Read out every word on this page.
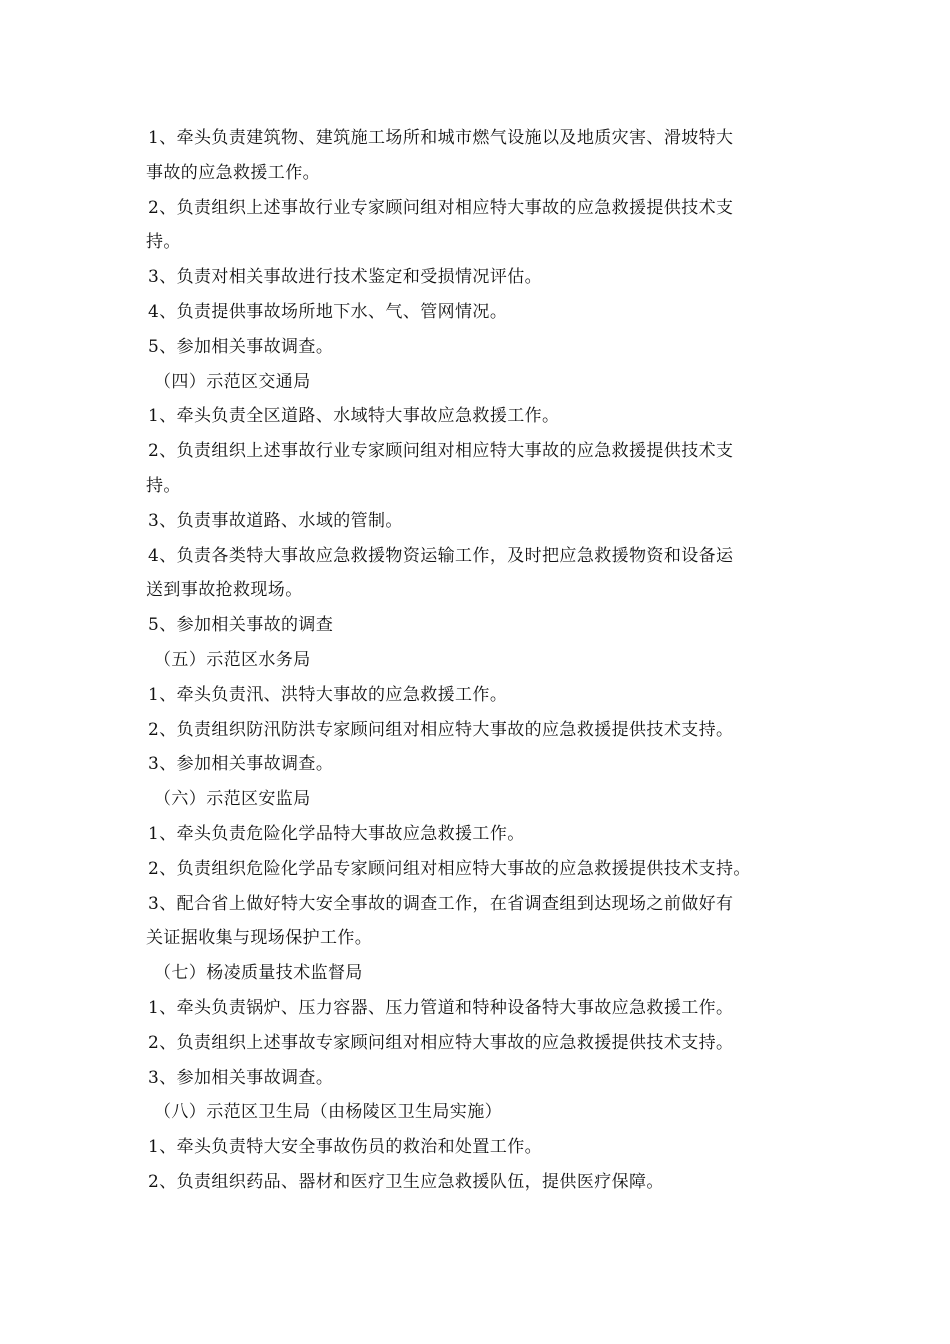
1、牵头负责建筑物、建筑施工场所和城市燃气设施以及地质灾害、滑坡特大

事故的应急救援工作。

2、负责组织上述事故行业专家顾问组对相应特大事故的应急救援提供技术支

持。

3、负责对相关事故进行技术鉴定和受损情况评估。

4、负责提供事故场所地下水、气、管网情况。

5、参加相关事故调查。

（四）示范区交通局

1、牵头负责全区道路、水域特大事故应急救援工作。

2、负责组织上述事故行业专家顾问组对相应特大事故的应急救援提供技术支

持。

3、负责事故道路、水域的管制。

4、负责各类特大事故应急救援物资运输工作，及时把应急救援物资和设备运

送到事故抢救现场。

5、参加相关事故的调查

（五）示范区水务局

1、牵头负责汛、洪特大事故的应急救援工作。

2、负责组织防汛防洪专家顾问组对相应特大事故的应急救援提供技术支持。

3、参加相关事故调查。

（六）示范区安监局

1、牵头负责危险化学品特大事故应急救援工作。

2、负责组织危险化学品专家顾问组对相应特大事故的应急救援提供技术支持。

3、配合省上做好特大安全事故的调查工作，在省调查组到达现场之前做好有

关证据收集与现场保护工作。

（七）杨凌质量技术监督局

1、牵头负责锅炉、压力容器、压力管道和特种设备特大事故应急救援工作。

2、负责组织上述事故专家顾问组对相应特大事故的应急救援提供技术支持。

3、参加相关事故调查。

（八）示范区卫生局（由杨陵区卫生局实施）

1、牵头负责特大安全事故伤员的救治和处置工作。

2、负责组织药品、器材和医疗卫生应急救援队伍，提供医疗保障。
